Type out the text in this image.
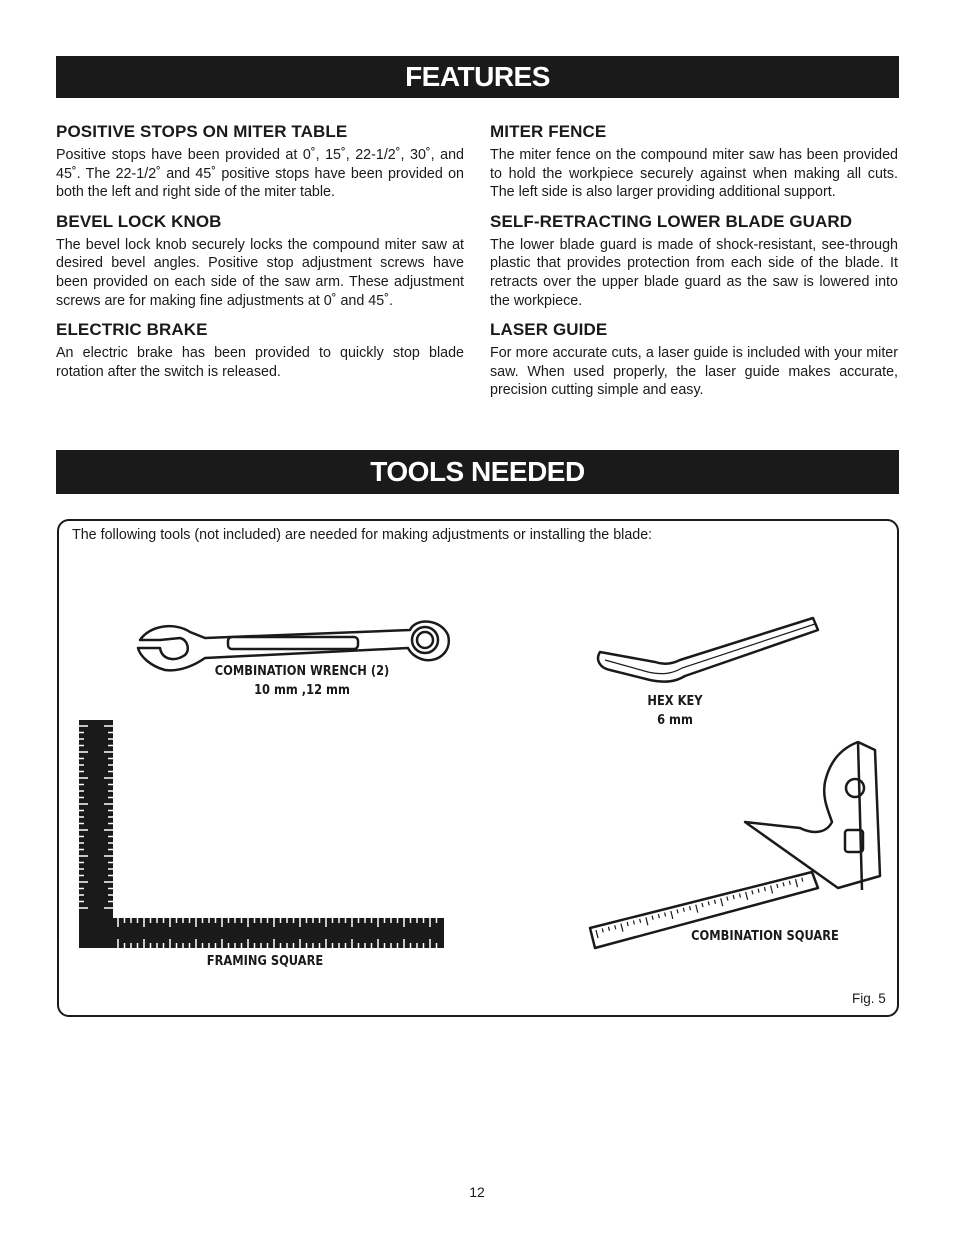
FEATURES
POSITIVE STOPS ON MITER TABLE

Positive stops have been provided at 0˚, 15˚, 22-1/2˚, 30˚, and 45˚. The 22-1/2˚ and 45˚ positive stops have been provided on both the left and right side of the miter table.

BEVEL LOCK KNOB

The bevel lock knob securely locks the compound miter saw at desired bevel angles. Positive stop adjustment screws have been provided on each side of the saw arm. These adjustment screws are for making fine adjustments at 0˚ and 45˚.

ELECTRIC BRAKE

An electric brake has been provided to quickly stop blade rotation after the switch is released.

MITER FENCE

The miter fence on the compound miter saw has been provided to hold the workpiece securely against when making all cuts. The left side is also larger providing additional support.

SELF-RETRACTING LOWER BLADE GUARD

The lower blade guard is made of shock-resistant, see-through plastic that provides protection from each side of the blade. It retracts over the upper blade guard as the saw is lowered into the workpiece.

LASER GUIDE

For more accurate cuts, a laser guide is included with your miter saw. When used properly, the laser guide makes accurate, precision cutting simple and easy.

TOOLS NEEDED
The following tools (not included) are needed for making adjustments or installing the blade:
COMBINATION WRENCH (2)
10 mm ,12 mm
HEX KEY
6 mm
FRAMING SQUARE
COMBINATION SQUARE
Fig. 5
12
